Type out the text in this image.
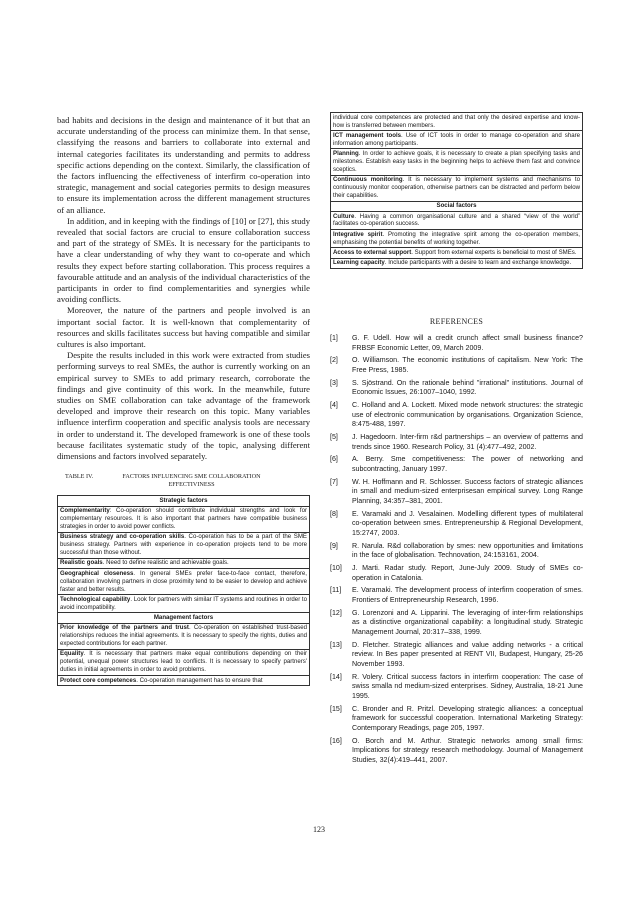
bad habits and decisions in the design and maintenance of it but that an accurate understanding of the process can minimize them. In that sense, classifying the reasons and barriers to collaborate into external and internal categories facilitates its understanding and permits to address specific actions depending on the context. Similarly, the classification of the factors influencing the effectiveness of interfirm co-operation into strategic, management and social categories permits to design measures to ensure its implementation across the different management structures of an alliance.

In addition, and in keeping with the findings of [10] or [27], this study revealed that social factors are crucial to ensure collaboration success and part of the strategy of SMEs. It is necessary for the participants to have a clear understanding of why they want to co-operate and which results they expect before starting collaboration. This process requires a favourable attitude and an analysis of the individual characteristics of the participants in order to find complementarities and synergies while avoiding conflicts.

Moreover, the nature of the partners and people involved is an important social factor. It is well-known that complementarity of resources and skills facilitates success but having compatible and similar cultures is also important.

Despite the results included in this work were extracted from studies performing surveys to real SMEs, the author is currently working on an empirical survey to SMEs to add primary research, corroborate the findings and give continuity of this work. In the meanwhile, future studies on SME collaboration can take advantage of the framework developed and improve their research on this topic. Many variables influence interfirm cooperation and specific analysis tools are necessary in order to understand it. The developed framework is one of these tools because facilitates systematic study of the topic, analysing different dimensions and factors involved separately.

TABLE IV.	FACTORS INFLUENCING SME COLLABORATION EFFECTIVINESS
Strategic factors
Complementarity: Co-operation should contribute individual strengths and look for complementary resources. It is also important that partners have compatible business strategies in order to avoid power conflicts.
Business strategy and co-operation skills. Co-operation has to be a part of the SME business strategy. Partners with experience in co-operation projects tend to be more successful than those without.
Realistic goals. Need to define realistic and achievable goals.
Geographical closeness. In general SMEs prefer face-to-face contact, therefore, collaboration involving partners in close proximity tend to be easier to develop and achieve faster and better results.
Technological capability. Look for partners with similar IT systems and routines in order to avoid incompatibility.
Management factors
Prior knowledge of the partners and trust. Co-operation on established trust-based relationships reduces the initial agreements. It is necessary to specify the rights, duties and expected contributions for each partner.
Equality. It is necessary that partners make equal contributions depending on their potential, unequal power structures lead to conflicts. It is necessary to specify partners' duties in initial agreements in order to avoid problems.
Protect core competences. Co-operation management has to ensure that
individual core competences are protected and that only the desired expertise and know-how is transferred between members.
ICT management tools. Use of ICT tools in order to manage co-operation and share information among participants.
Planning. In order to achieve goals, it is necessary to create a plan specifying tasks and milestones. Establish easy tasks in the beginning helps to achieve them fast and convince sceptics.
Continuous monitoring. It is necessary to implement systems and mechanisms to continuously monitor cooperation, otherwise partners can be distracted and perform below their capabilities.
Social factors
Culture. Having a common organisational culture and a shared “view of the world” facilitates co-operation success.
Integrative spirit. Promoting the integrative spirit among the co-operation members, emphasising the potential benefits of working together.
Access to external support. Support from external experts is beneficial to most of SMEs.
Learning capacity. Include participants with a desire to learn and exchange knowledge.
REFERENCES
[1]	G. F. Udell. How will a credit crunch affect small business finance? FRBSF Economic Letter, 09, March 2009.
[2]	O. Williamson. The economic institutions of capitalism. New York: The Free Press, 1985.
[3]	S. Sjöstrand. On the rationale behind "irrational" institutions. Journal of Economic Issues, 26:1007–1040, 1992.
[4]	C. Holland and A. Lockett. Mixed mode network structures: the strategic use of electronic communication by organisations. Organization Science, 8:475-488, 1997.
[5]	J. Hagedoorn. Inter-firm r&d partnerships – an overview of patterns and trends since 1960. Research Policy, 31 (4):477–492, 2002.
[6]	A. Berry. Sme competitiveness: The power of networking and subcontracting, January 1997.
[7]	W. H. Hoffmann and R. Schlosser. Success factors of strategic alliances in small and medium-sized enterprisesan empirical survey. Long Range Planning, 34:357–381, 2001.
[8]	E. Varamaki and J. Vesalainen. Modelling different types of multilateral co-operation between smes. Entrepreneurship & Regional Development, 15:2747, 2003.
[9]	R. Narula. R&d collaboration by smes: new opportunities and limitations in the face of globalisation. Technovation, 24:153161, 2004.
[10]	J. Marti. Radar study. Report, June-July 2009. Study of SMEs co-operation in Catalonia.
[11]	E. Varamaki. The development process of interfirm cooperation of smes. Frontiers of Entrepreneurship Research, 1996.
[12]	G. Lorenzoni and A. Lipparini. The leveraging of inter-firm relationships as a distinctive organizational capability: a longitudinal study. Strategic Management Journal, 20:317–338, 1999.
[13]	D. Fletcher. Strategic alliances and value adding networks - a critical review. In Bes paper presented at RENT VII, Budapest, Hungary, 25-26 November 1993.
[14]	R. Volery. Critical success factors in interfirm cooperation: The case of swiss smalla nd medium-sized enterprises. Sidney, Australia, 18-21 June 1995.
[15]	C. Bronder and R. Pritzl. Developing strategic alliances: a conceptual framework for successful cooperation. International Marketing Strategy: Contemporary Readings, page 205, 1997.
[16]	O. Borch and M. Arthur. Strategic networks among small firms: Implications for strategy research methodology. Journal of Management Studies, 32(4):419–441, 2007.
123
